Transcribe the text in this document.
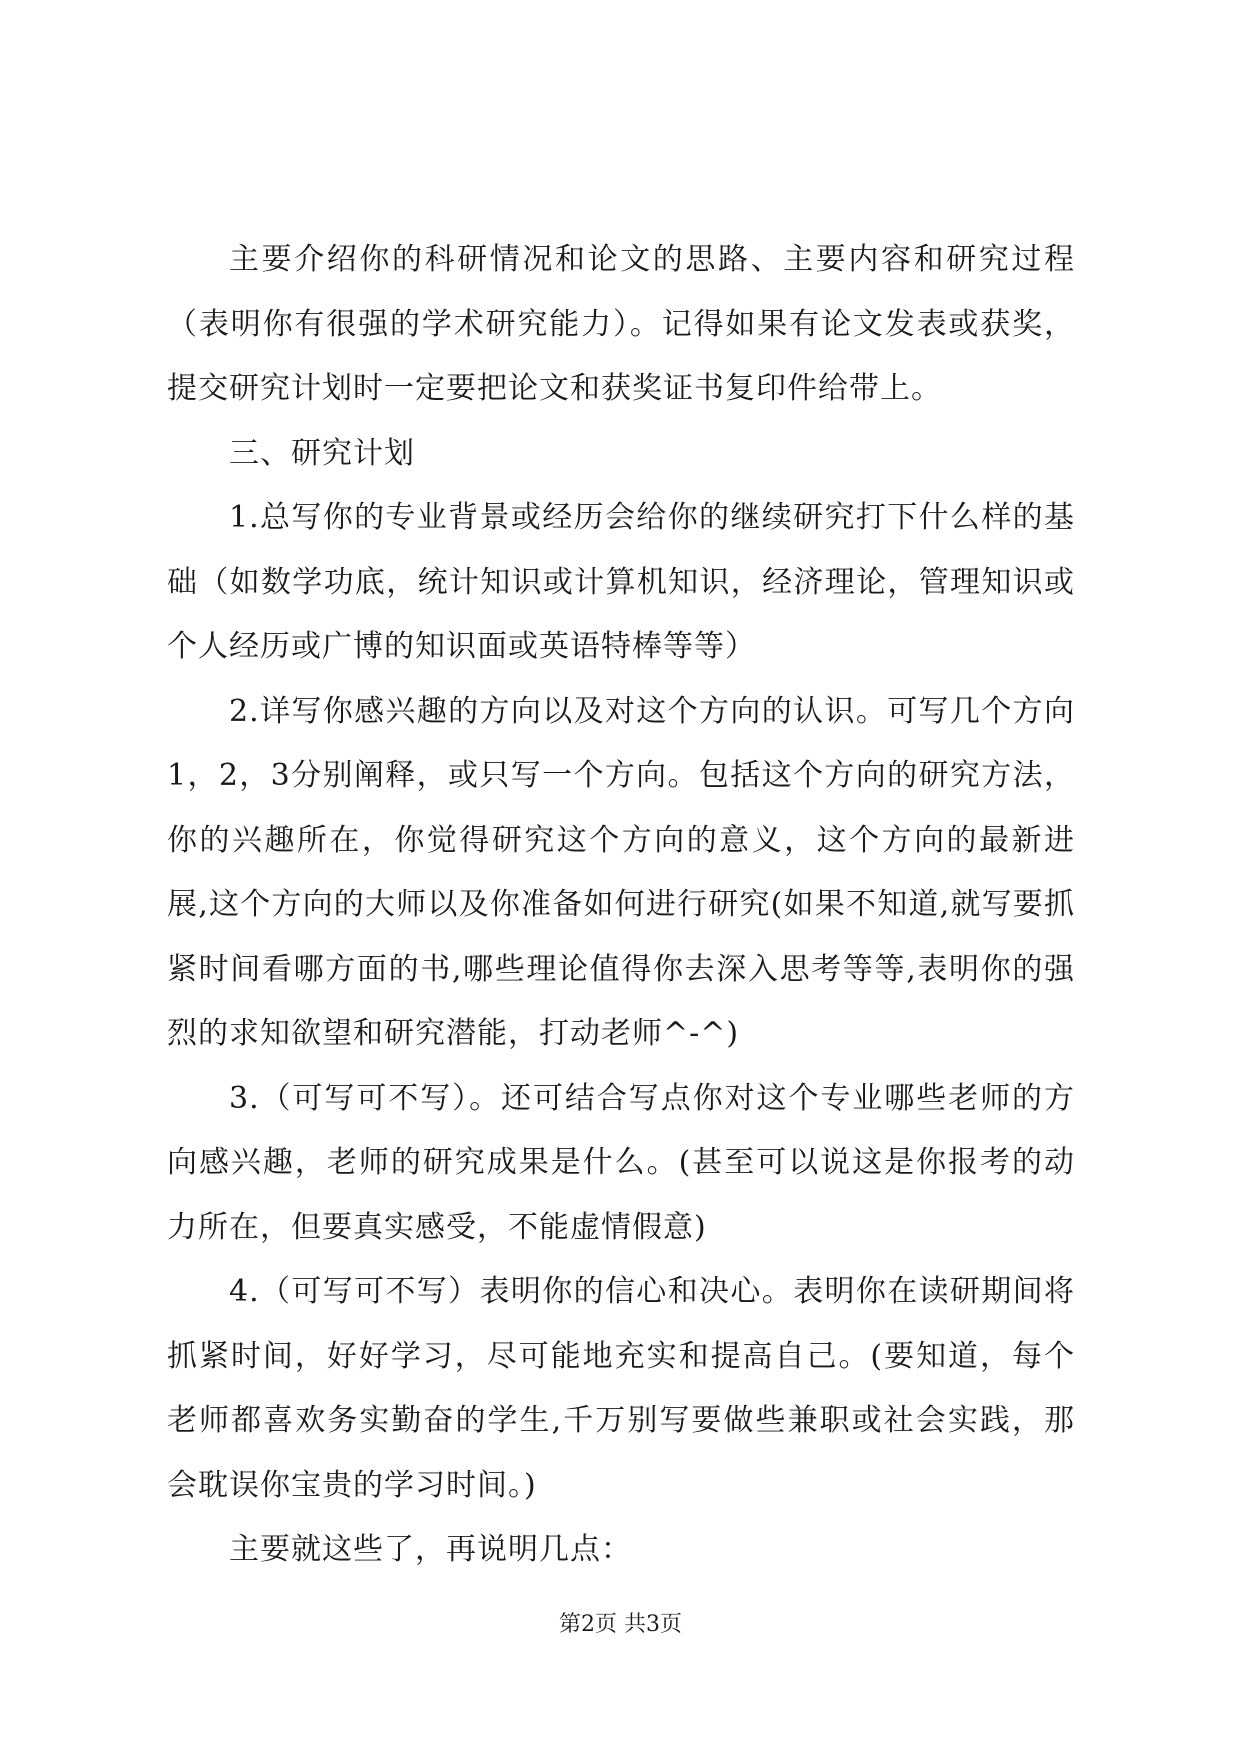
主要介绍你的科研情况和论文的思路、主要内容和研究过程（表明你有很强的学术研究能力）。记得如果有论文发表或获奖，提交研究计划时一定要把论文和获奖证书复印件给带上。

三、研究计划

1.总写你的专业背景或经历会给你的继续研究打下什么样的基础（如数学功底，统计知识或计算机知识，经济理论，管理知识或个人经历或广博的知识面或英语特棒等等）

2.详写你感兴趣的方向以及对这个方向的认识。可写几个方向1，2，3分别阐释，或只写一个方向。包括这个方向的研究方法，你的兴趣所在，你觉得研究这个方向的意义，这个方向的最新进展,这个方向的大师以及你准备如何进行研究(如果不知道,就写要抓紧时间看哪方面的书,哪些理论值得你去深入思考等等,表明你的强烈的求知欲望和研究潜能，打动老师^-^)

3.（可写可不写）。还可结合写点你对这个专业哪些老师的方向感兴趣，老师的研究成果是什么。(甚至可以说这是你报考的动力所在，但要真实感受，不能虚情假意)

4.（可写可不写）表明你的信心和决心。表明你在读研期间将抓紧时间，好好学习，尽可能地充实和提高自己。(要知道，每个老师都喜欢务实勤奋的学生,千万别写要做些兼职或社会实践，那会耽误你宝贵的学习时间。)

主要就这些了，再说明几点：

第2页 共3页
